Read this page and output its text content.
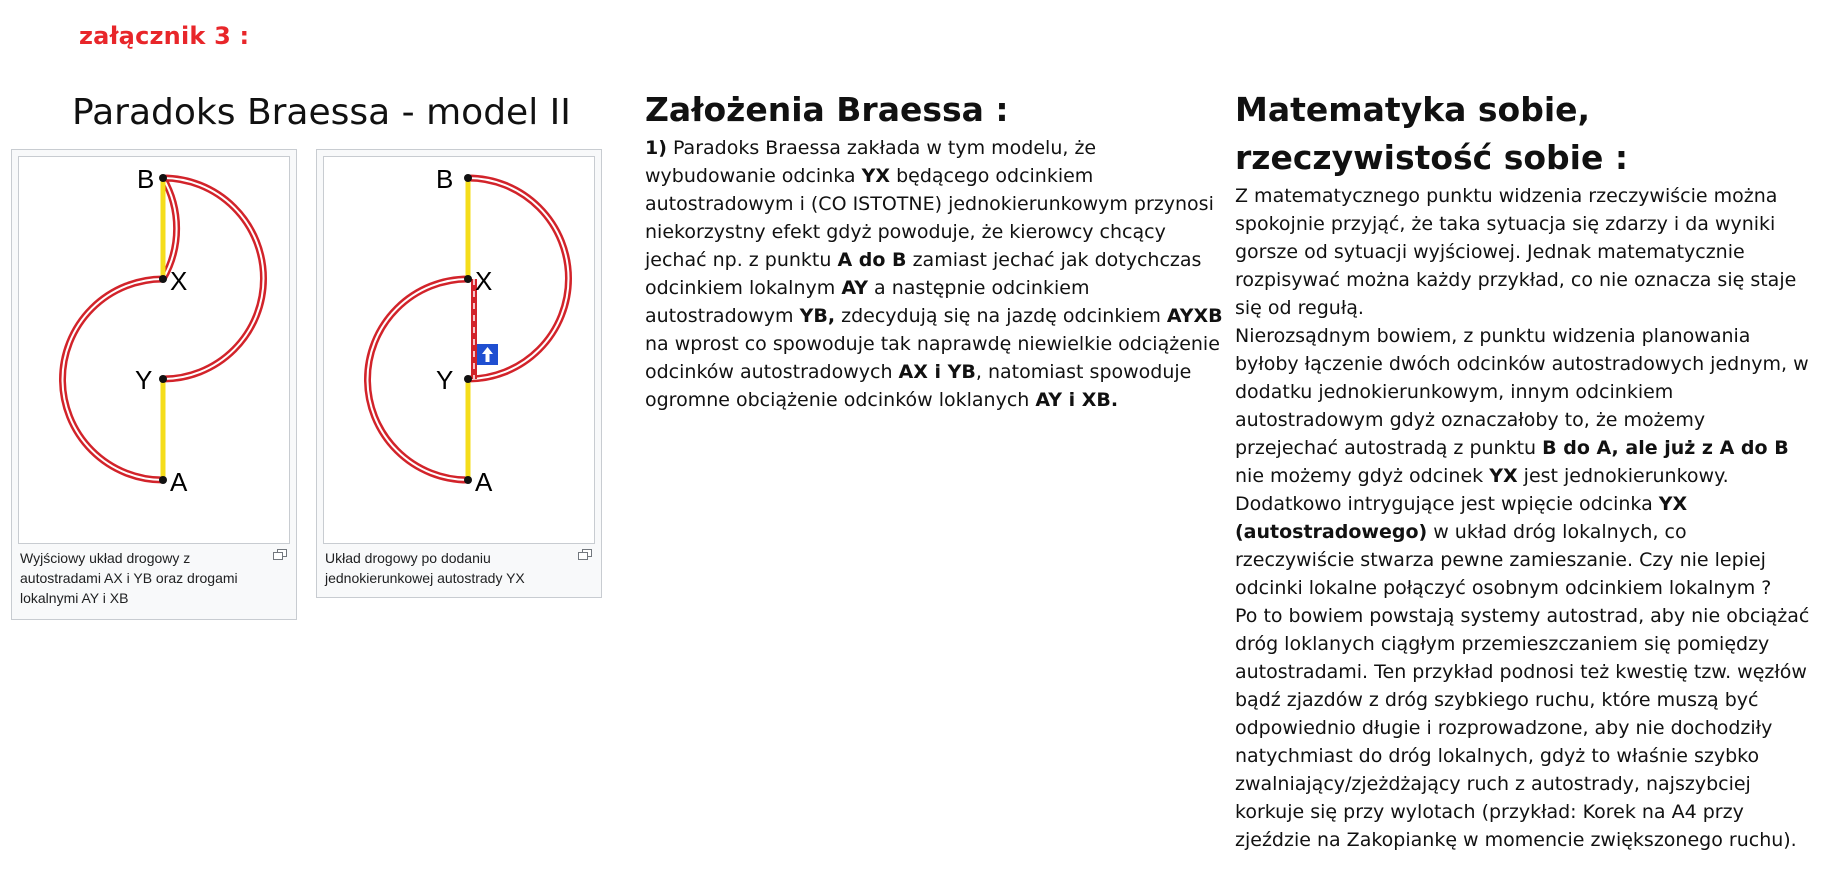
załącznik 3 :
Paradoks Braessa - model II
B
X
Y
A
Wyjściowy układ drogowy z autostradami AX i YB oraz drogami lokalnymi AY i XB
B
X
Y
A
Układ drogowy po dodaniu jednokierunkowej autostrady YX
Założenia Braessa :

1) Paradoks Braessa zakłada w tym modelu, że wybudowanie odcinka YX będącego odcinkiem autostradowym i (CO ISTOTNE) jednokierunkowym przynosi niekorzystny efekt gdyż powoduje, że kierowcy chcący jechać np. z punktu A do B zamiast jechać jak dotychczas odcinkiem lokalnym AY a następnie odcinkiem autostradowym YB, zdecydują się na jazdę odcinkiem AYXB na wprost co spowoduje tak naprawdę niewielkie odciążenie odcinków autostradowych AX i YB, natomiast spowoduje ogromne obciążenie odcinków loklanych AY i XB.

Matematyka sobie,
rzeczywistość sobie :

Z matematycznego punktu widzenia rzeczywiście można spokojnie przyjąć, że taka sytuacja się zdarzy i da wyniki gorsze od sytuacji wyjściowej. Jednak matematycznie rozpisywać można każdy przykład, co nie oznacza się staje się od regułą.

Nierozsądnym bowiem, z punktu widzenia planowania byłoby łączenie dwóch odcinków autostradowych jednym, w dodatku jednokierunkowym, innym odcinkiem autostradowym gdyż oznaczałoby to, że możemy przejechać autostradą z punktu B do A, ale już z A do B nie możemy gdyż odcinek YX jest jednokierunkowy.

Dodatkowo intrygujące jest wpięcie odcinka YX (autostradowego) w układ dróg lokalnych, co rzeczywiście stwarza pewne zamieszanie. Czy nie lepiej odcinki lokalne połączyć osobnym odcinkiem lokalnym ?

Po to bowiem powstają systemy autostrad, aby nie obciążać dróg loklanych ciągłym przemieszczaniem się pomiędzy autostradami. Ten przykład podnosi też kwestię tzw. węzłów bądź zjazdów z dróg szybkiego ruchu, które muszą być odpowiednio długie i rozprowadzone, aby nie dochodziły natychmiast do dróg lokalnych, gdyż to właśnie szybko zwalniający/zjeżdżający ruch z autostrady, najszybciej korkuje się przy wylotach (przykład: Korek na A4 przy zjeździe na Zakopiankę w momencie zwiększonego ruchu).
